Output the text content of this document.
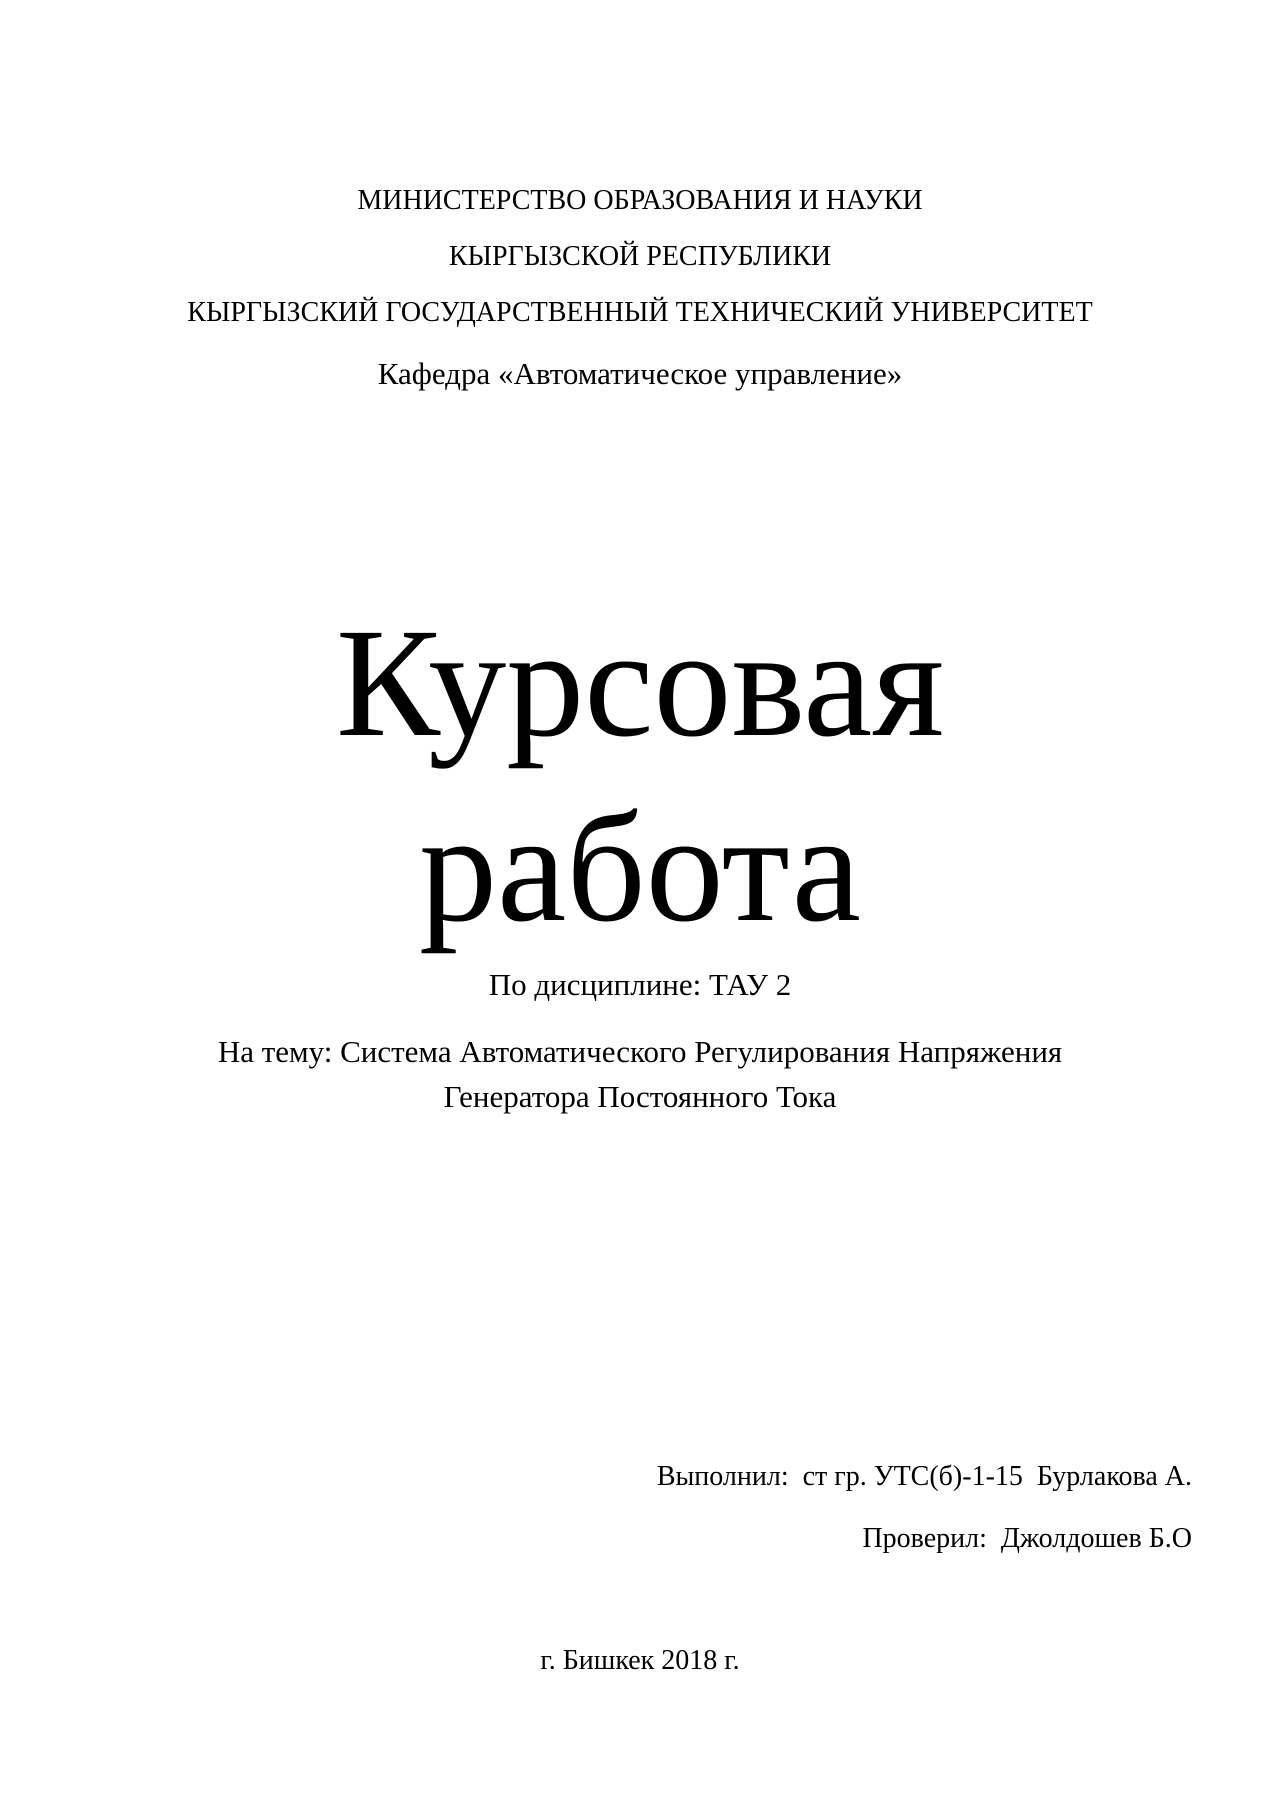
МИНИСТЕРСТВО ОБРАЗОВАНИЯ И НАУКИ
КЫРГЫЗСКОЙ РЕСПУБЛИКИ
КЫРГЫЗСКИЙ ГОСУДАРСТВЕННЫЙ ТЕХНИЧЕСКИЙ УНИВЕРСИТЕТ
Кафедра «Автоматическое управление»
Курсовая
работа
По дисциплине: ТАУ 2
На тему: Система Автоматического Регулирования Напряжения
Генератора Постоянного Тока
Выполнил:  ст гр. УТС(б)-1-15  Бурлакова А.
Проверил:  Джолдошев Б.О
г. Бишкек 2018 г.
